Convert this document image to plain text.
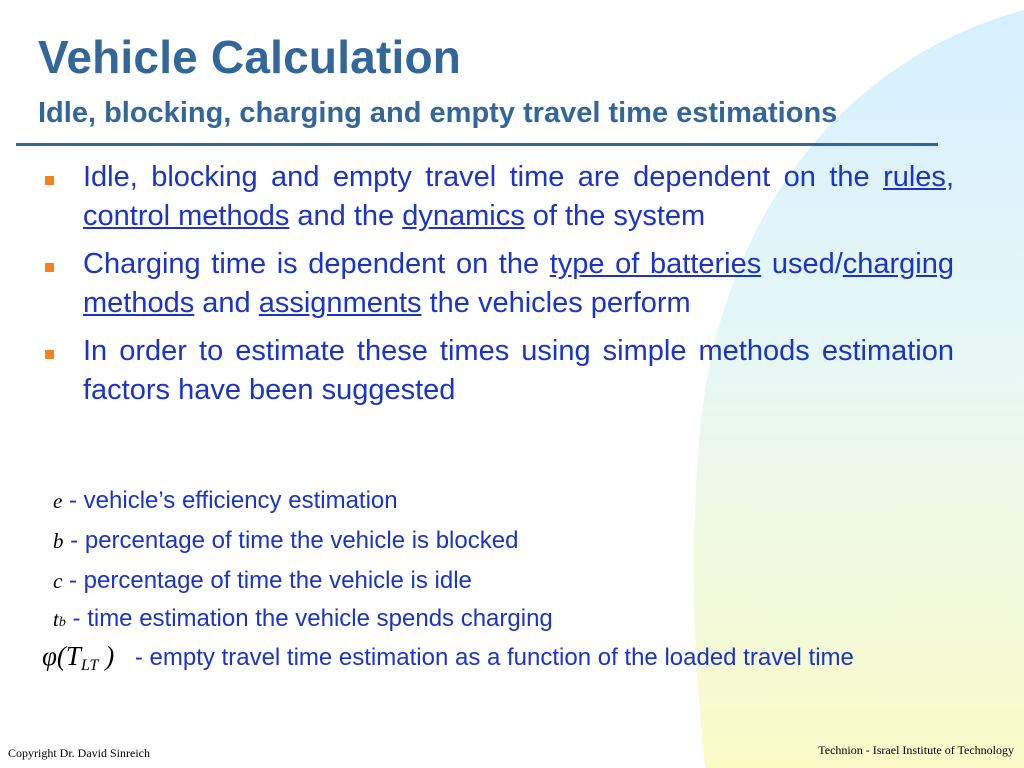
Vehicle Calculation
Idle, blocking, charging and empty travel time estimations
Idle, blocking and empty travel time are dependent on the rules, control methods and the dynamics of the system
Charging time is dependent on the type of batteries used/charging methods and assignments the vehicles perform
In order to estimate these times using simple methods estimation factors have been suggested
e - vehicle’s efficiency estimation
b - percentage of time the vehicle is blocked
c - percentage of time the vehicle is idle
tb - time estimation the vehicle spends charging
φ(TLT ) - empty travel time estimation as a function of the loaded travel time
Copyright Dr. David Sinreich	Technion - Israel Institute of Technology
